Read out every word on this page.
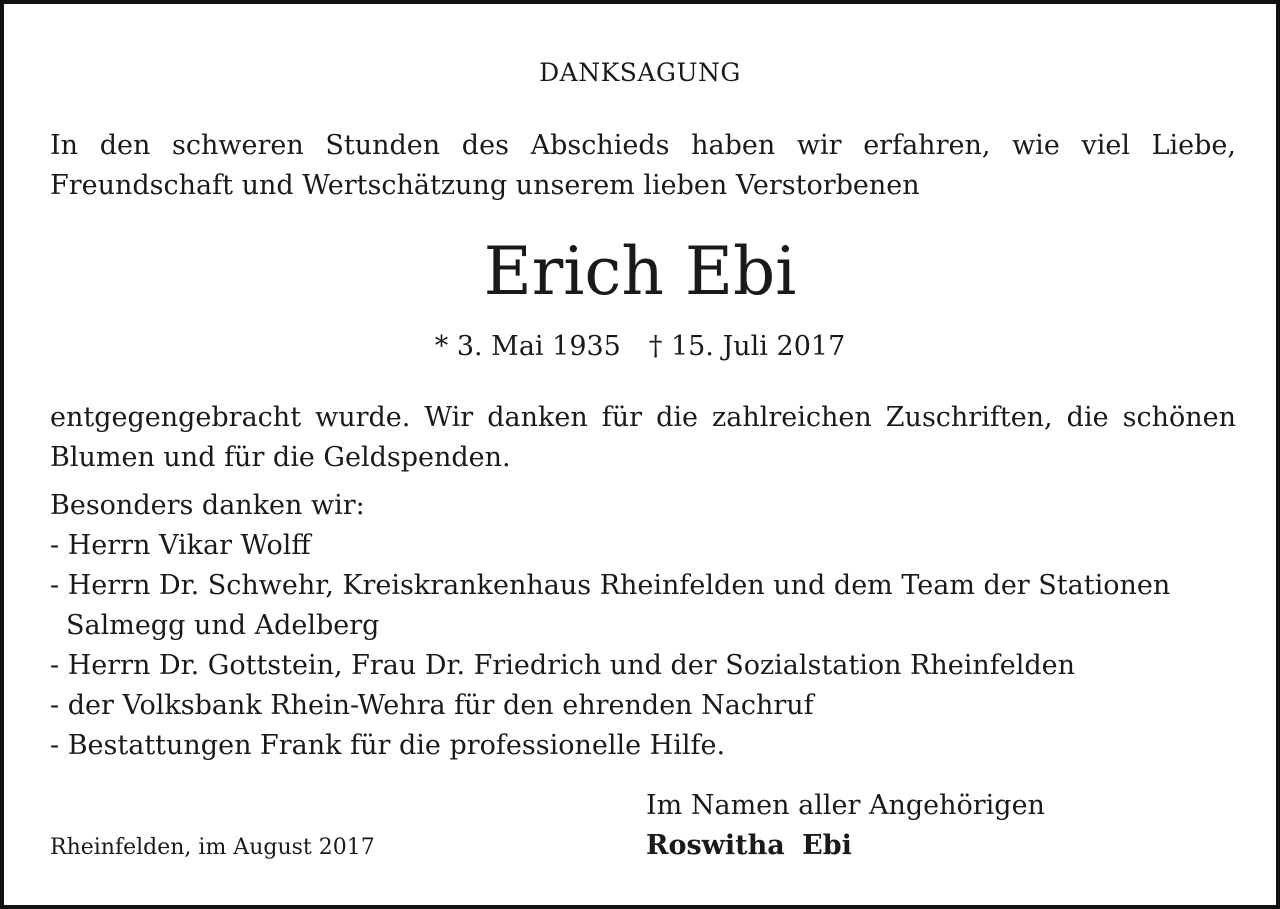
DANKSAGUNG
In den schweren Stunden des Abschieds haben wir erfahren, wie viel Liebe,
Freundschaft und Wertschätzung unserem lieben Verstorbenen
Erich Ebi
* 3. Mai 1935 † 15. Juli 2017
entgegengebracht wurde. Wir danken für die zahlreichen Zuschriften, die schönen
Blumen und für die Geldspenden.
Besonders danken wir:
- Herrn Vikar Wolff
- Herrn Dr. Schwehr, Kreiskrankenhaus Rheinfelden und dem Team der Stationen Salmegg und Adelberg
- Herrn Dr. Gottstein, Frau Dr. Friedrich und der Sozialstation Rheinfelden
- der Volksbank Rhein-Wehra für den ehrenden Nachruf
- Bestattungen Frank für die professionelle Hilfe.
Rheinfelden, im August 2017
Im Namen aller Angehörigen
Roswitha Ebi
